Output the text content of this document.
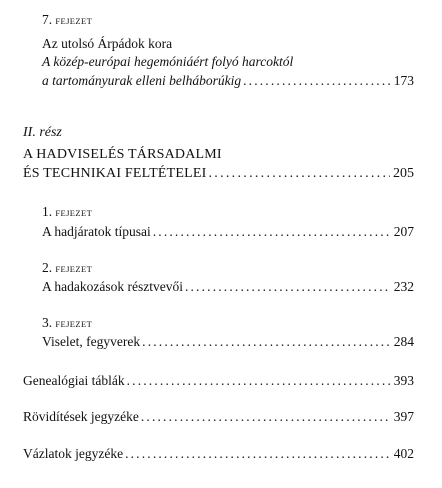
7. FEJEZET
Az utolsó Árpádok kora
A közép-európai hegemóniáért folyó harcoktól
a tartományurak elleni belháborúkig . . .	173
II. rész
A HADVISELÉS TÁRSADALMI
ÉS TECHNIKAI FELTÉTELEI . . .	205
1. FEJEZET
A hadjáratok típusai . . .	207
2. FEJEZET
A hadakozások résztvevői . . .	232
3. FEJEZET
Viselet, fegyverek . . .	284
Genealógiai táblák . . .	393
Rövidítések jegyzéke . . .	397
Vázlatok jegyzéke . . .	402
